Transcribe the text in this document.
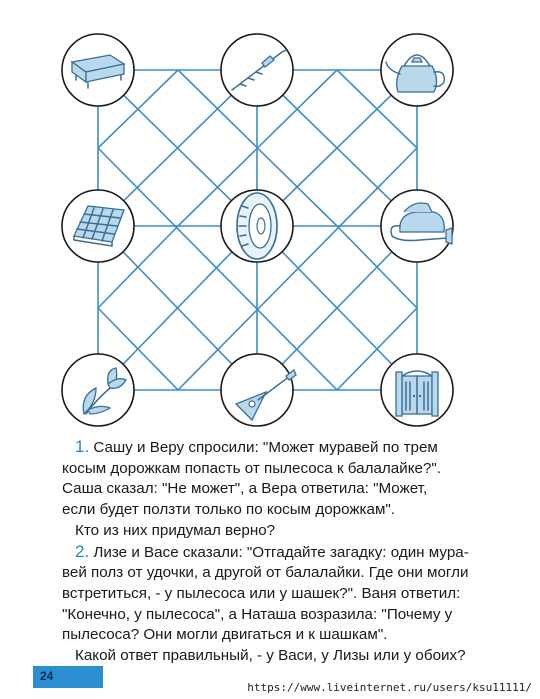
1. Сашу и Веру спросили: "Может муравей по трем

косым дорожкам попасть от пылесоса к балалайке?".

Саша сказал: "Не может", а Вера ответила: "Может,

если будет ползти только по косым дорожкам".

Кто из них придумал верно?

2. Лизе и Васе сказали: "Отгадайте загадку: один мура-

вей полз от удочки, а другой от балалайки. Где они могли

встретиться, - у пылесоса или у шашек?". Ваня ответил:

"Конечно, у пылесоса", а Наташа возразила: "Почему у

пылесоса? Они могли двигаться и к шашкам".

Какой ответ правильный, - у Васи, у Лизы или у обоих?

24
https://www.liveinternet.ru/users/ksu11111/
